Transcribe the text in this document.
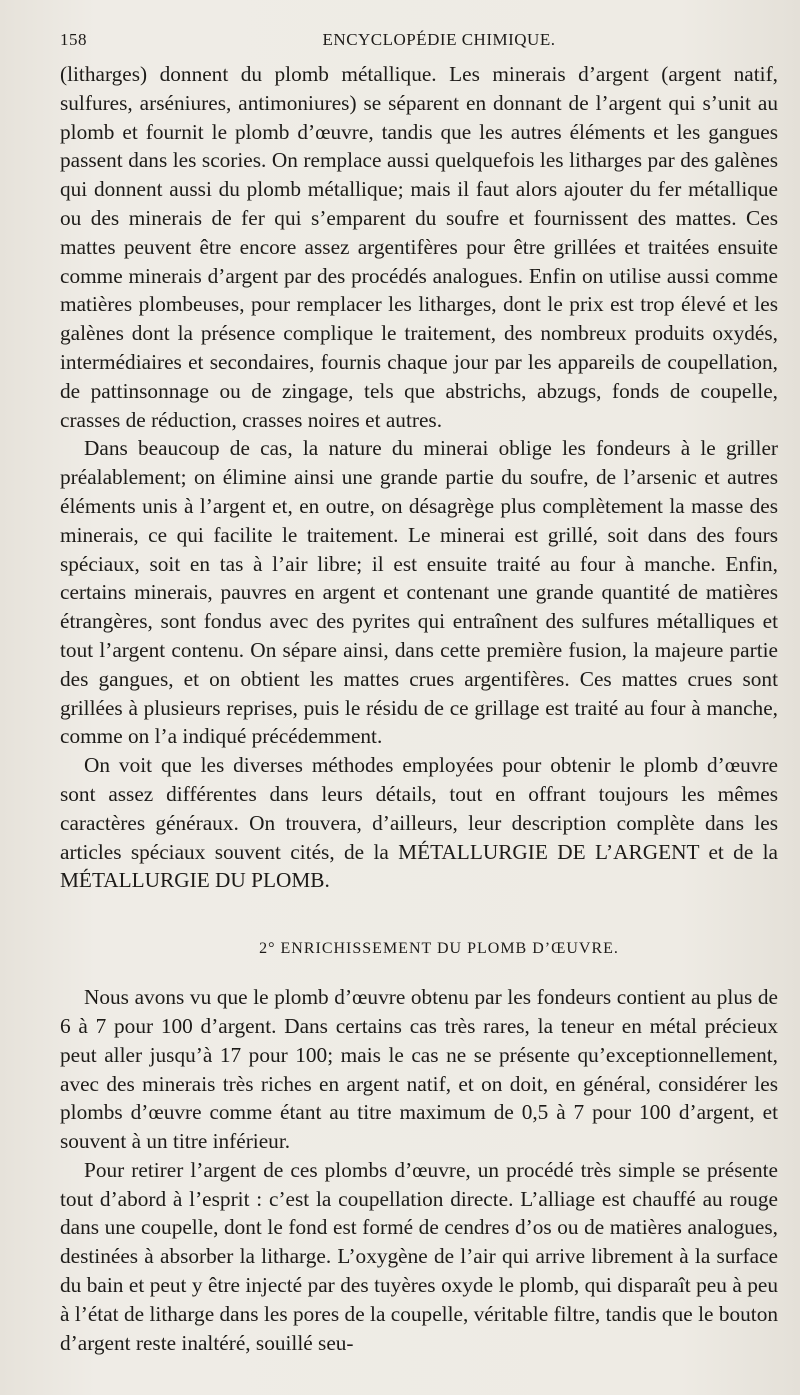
158	ENCYCLOPÉDIE CHIMIQUE.

(litharges) donnent du plomb métallique. Les minerais d’argent (argent natif, sulfures, arséniures, antimoniures) se séparent en donnant de l’argent qui s’unit au plomb et fournit le plomb d’œuvre, tandis que les autres éléments et les gangues passent dans les scories. On remplace aussi quelquefois les litharges par des galènes qui donnent aussi du plomb métallique; mais il faut alors ajouter du fer métallique ou des minerais de fer qui s’emparent du soufre et fournissent des mattes. Ces mattes peuvent être encore assez argentifères pour être grillées et traitées ensuite comme minerais d’argent par des procédés analogues. Enfin on utilise aussi comme matières plombeuses, pour remplacer les litharges, dont le prix est trop élevé et les galènes dont la présence complique le traitement, des nombreux produits oxydés, intermédiaires et secondaires, fournis chaque jour par les appareils de coupellation, de pattinsonnage ou de zingage, tels que abstrichs, abzugs, fonds de coupelle, crasses de réduction, crasses noires et autres.

Dans beaucoup de cas, la nature du minerai oblige les fondeurs à le griller préalablement; on élimine ainsi une grande partie du soufre, de l’arsenic et autres éléments unis à l’argent et, en outre, on désagrège plus complètement la masse des minerais, ce qui facilite le traitement. Le minerai est grillé, soit dans des fours spéciaux, soit en tas à l’air libre; il est ensuite traité au four à manche. Enfin, certains minerais, pauvres en argent et contenant une grande quantité de matières étrangères, sont fondus avec des pyrites qui entraînent des sulfures métalliques et tout l’argent contenu. On sépare ainsi, dans cette première fusion, la majeure partie des gangues, et on obtient les mattes crues argentifères. Ces mattes crues sont grillées à plusieurs reprises, puis le résidu de ce grillage est traité au four à manche, comme on l’a indiqué précédemment.

On voit que les diverses méthodes employées pour obtenir le plomb d’œuvre sont assez différentes dans leurs détails, tout en offrant toujours les mêmes caractères généraux. On trouvera, d’ailleurs, leur description complète dans les articles spéciaux souvent cités, de la MÉTALLURGIE DE L’ARGENT et de la MÉTALLURGIE DU PLOMB.

2° ENRICHISSEMENT DU PLOMB D’ŒUVRE.

Nous avons vu que le plomb d’œuvre obtenu par les fondeurs contient au plus de 6 à 7 pour 100 d’argent. Dans certains cas très rares, la teneur en métal précieux peut aller jusqu’à 17 pour 100; mais le cas ne se présente qu’exceptionnellement, avec des minerais très riches en argent natif, et on doit, en général, considérer les plombs d’œuvre comme étant au titre maximum de 0,5 à 7 pour 100 d’argent, et souvent à un titre inférieur.

Pour retirer l’argent de ces plombs d’œuvre, un procédé très simple se présente tout d’abord à l’esprit : c’est la coupellation directe. L’alliage est chauffé au rouge dans une coupelle, dont le fond est formé de cendres d’os ou de matières analogues, destinées à absorber la litharge. L’oxygène de l’air qui arrive librement à la surface du bain et peut y être injecté par des tuyères oxyde le plomb, qui disparaît peu à peu à l’état de litharge dans les pores de la coupelle, véritable filtre, tandis que le bouton d’argent reste inaltéré, souillé seu-
